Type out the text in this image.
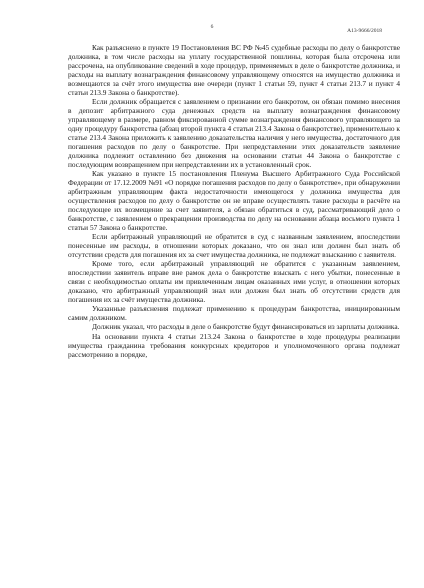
6
А13-9666/2018

Как разъяснено в пункте 19 Постановления ВС РФ №45 судебные расходы по делу о банкротстве должника, в том числе расходы на уплату государственной пошлины, которая была отсрочена или рассрочена, на опубликование сведений в ходе процедур, применяемых в деле о банкротстве должника, и расходы на выплату вознаграждения финансовому управляющему относятся на имущество должника и возмещаются за счёт этого имущества вне очереди (пункт 1 статьи 59, пункт 4 статьи 213.7 и пункт 4 статьи 213.9 Закона о банкротстве).

Если должник обращается с заявлением о признании его банкротом, он обязан помимо внесения в депозит арбитражного суда денежных средств на выплату вознаграждения финансовому управляющему в размере, равном фиксированной сумме вознаграждения финансового управляющего за одну процедуру банкротства (абзац второй пункта 4 статьи 213.4 Закона о банкротстве), применительно к статье 213.4 Закона приложить к заявлению доказательства наличия у него имущества, достаточного для погашения расходов по делу о банкротстве. При непредставлении этих доказательств заявление должника подлежит оставлению без движения на основании статьи 44 Закона о банкротстве с последующим возвращением при непредставлении их в установленный срок.

Как указано в пункте 15 постановления Пленума Высшего Арбитражного Суда Российской Федерации от 17.12.2009 №91 «О порядке погашения расходов по делу о банкротстве», при обнаружении арбитражным управляющим факта недостаточности имеющегося у должника имущества для осуществления расходов по делу о банкротстве он не вправе осуществлять такие расходы в расчёте на последующее их возмещение за счет заявителя, а обязан обратиться в суд, рассматривающий дело о банкротстве, с заявлением о прекращении производства по делу на основании абзаца восьмого пункта 1 статьи 57 Закона о банкротстве.

Если арбитражный управляющий не обратится в суд с названным заявлением, впоследствии понесенные им расходы, в отношении которых доказано, что он знал или должен был знать об отсутствии средств для погашения их за счет имущества должника, не подлежат взысканию с заявителя.

Кроме того, если арбитражный управляющий не обратится с указанным заявлением, впоследствии заявитель вправе вне рамок дела о банкротстве взыскать с него убытки, понесенные в связи с необходимостью оплаты им привлеченным лицам оказанных ими услуг, в отношении которых доказано, что арбитражный управляющий знал или должен был знать об отсутствии средств для погашения их за счёт имущества должника.

Указанные разъяснения подлежат применению к процедурам банкротства, инициированным самим должником.

Должник указал, что расходы в деле о банкротстве будут финансироваться из зарплаты должника.

На основании пункта 4 статьи 213.24 Закона о банкротстве в ходе процедуры реализации имущества гражданина требования конкурсных кредиторов и уполномоченного органа подлежат рассмотрению в порядке,
